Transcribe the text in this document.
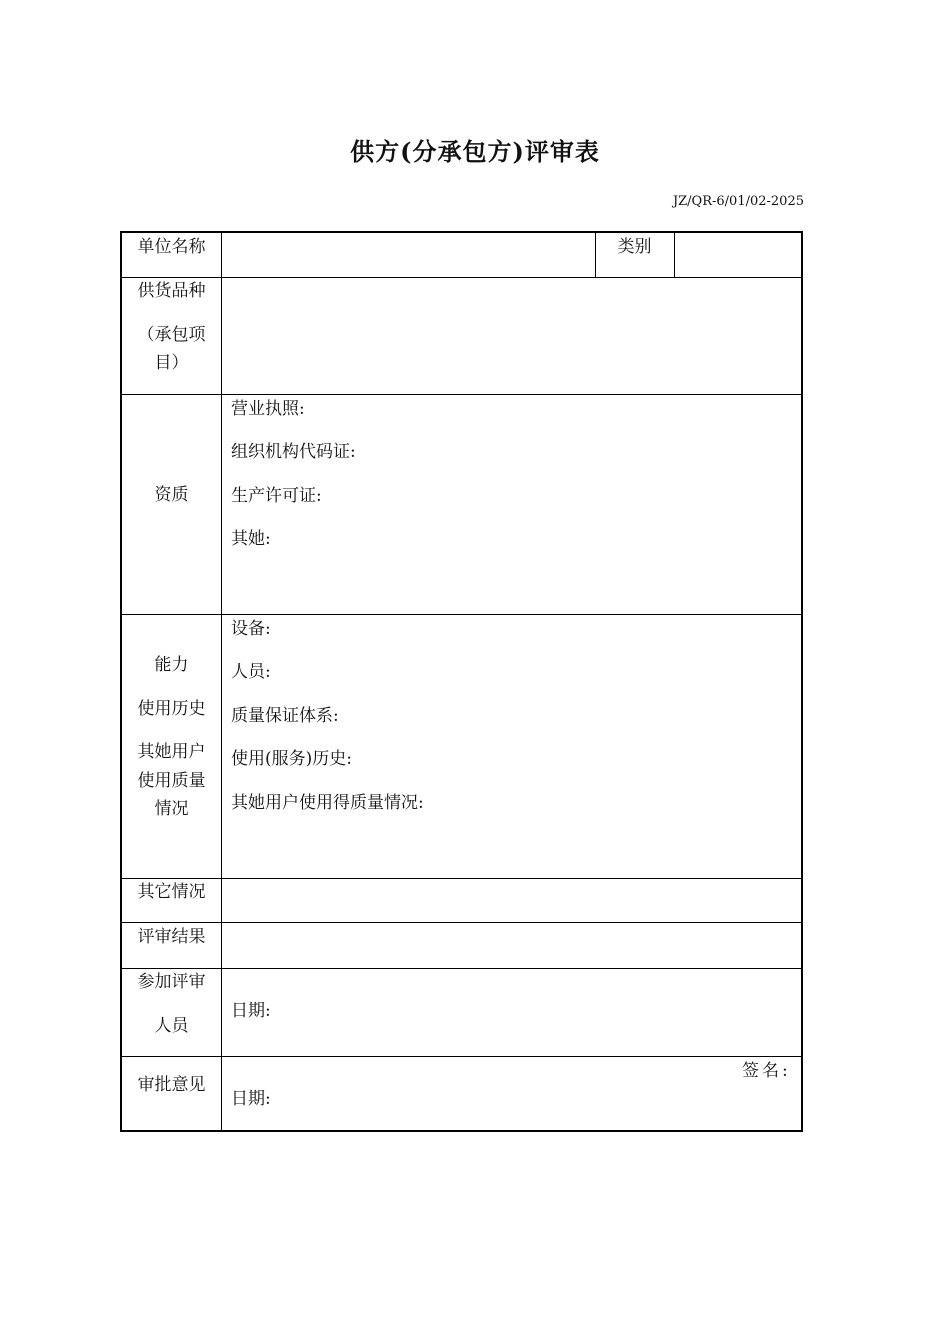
供方(分承包方)评审表
JZ/QR-6/01/02-2025
单位名称	类别
供货品种
（承包项
目）
资质
营业执照:
组织机构代码证:
生产许可证:
其她:
能力
使用历史
其她用户
使用质量
情况
设备:
人员:
质量保证体系:
使用(服务)历史:
其她用户使用得质量情况:
其它情况
评审结果
参加评审
人员
日期:
审批意见
签名:
日期:
